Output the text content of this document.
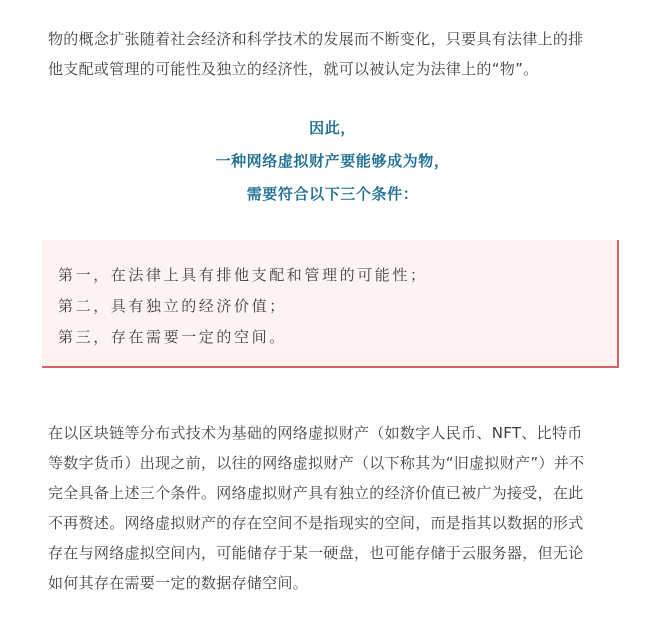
物的概念扩张随着社会经济和科学技术的发展而不断变化，只要具有法律上的排
他支配或管理的可能性及独立的经济性，就可以被认定为法律上的“物”。
因此，
一种网络虚拟财产要能够成为物，
需要符合以下三个条件：
第一，在法律上具有排他支配和管理的可能性；
第二，具有独立的经济价值；
第三，存在需要一定的空间。
在以区块链等分布式技术为基础的网络虚拟财产（如数字人民币、NFT、比特币
等数字货币）出现之前，以往的网络虚拟财产（以下称其为“旧虚拟财产”）并不
完全具备上述三个条件。网络虚拟财产具有独立的经济价值已被广为接受，在此
不再赘述。网络虚拟财产的存在空间不是指现实的空间，而是指其以数据的形式
存在与网络虚拟空间内，可能储存于某一硬盘，也可能存储于云服务器，但无论
如何其存在需要一定的数据存储空间。
